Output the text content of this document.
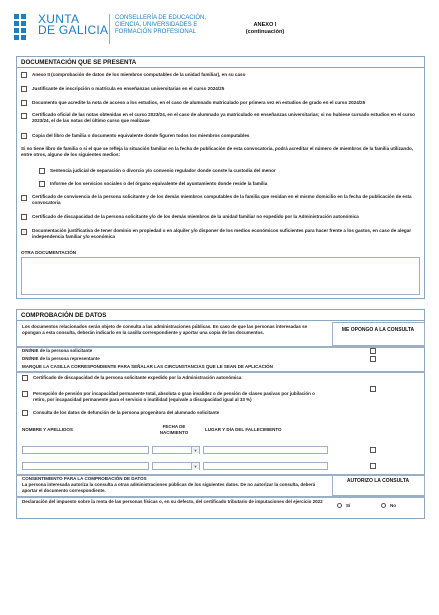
XUNTA
DE GALICIA
CONSELLERÍA DE EDUCACIÓN,
CIENCIA, UNIVERSIDADES E
FORMACIÓN PROFESIONAL
ANEXO I
(continuación)
DOCUMENTACIÓN QUE SE PRESENTA
Anexo II (comprobación de datos de los miembros computables de la unidad familiar), en su caso
Justificante de inscripción o matrícula en enseñanzas universitarias en el curso 2024/25
Documento que acredite la nota de acceso a los estudios, en el caso de alumnado matriculado por primera vez en estudios de grado en el curso 2024/25
Certificado oficial de las notas obtenidas en el curso 2023/24, en el caso de alumnado ya matriculado en enseñanzas universitarias; si no hubiese cursado estudios en el curso 2023/24, el de las notas del último curso que realizase
Copia del libro de familia o documento equivalente donde figuren todos los miembros computables
Si no tiene libro de familia o si el que se refleja la situación familiar en la fecha de publicación de esta convocatoria, podrá acreditar el número de miembros de la familia utilizando, entre otros, alguno de los siguientes medios:
Sentencia judicial de separación o divorcio y/o convenio regulador donde conste la custodia del menor
Informe de los servicios sociales o del órgano equivalente del ayuntamiento donde reside la familia
Certificado de convivencia de la persona solicitante y de los demás miembros computables de la familia que residan en el mismo domicilio en la fecha de publicación de esta convocatoria
Certificado de discapacidad de la persona solicitante y/o de los demás miembros de la unidad familiar no expedido por la Administración autonómica
Documentación justificativa de tener dominio en propiedad o en alquiler y/o disponer de los medios económicos suficientes para hacer frente a los gastos, en caso de alegar independencia familiar y/o económica
OTRA DOCUMENTACIÓN
COMPROBACIÓN DE DATOS
Los documentos relacionados serán objeto de consulta a las administraciones públicas. En caso de que las personas interesadas se opongan a esta consulta, deberán indicarlo en la casilla correspondiente y aportar una copia de los documentos.	ME OPONGO A LA CONSULTA
DNI/NIE de la persona solicitante
DNI/NIE de la persona representante
MARQUE LA CASILLA CORRESPONDIENTE PARA SEÑALAR LAS CIRCUNSTANCIAS QUE LE SEAN DE APLICACIÓN
Certificado de discapacidad de la persona solicitante expedido por la Administración autonómica
Percepción de pensión por incapacidad permanente total, absoluta o gran invalidez o de pensión de clases pasivas por jubilación o retiro, por incapacidad permanente para el servicio o inutilidad (equivale a discapacidad igual al 33 %)
Consulta de los datos de defunción de la persona progenitora del alumnado solicitante
NOMBRE Y APELLIDOS
FECHA DE NACIMIENTO
LUGAR Y DÍA DEL FALLECIMIENTO
▼
▼
CONSENTIMIENTO PARA LA COMPROBACIÓN DE DATOS
La persona interesada autoriza la consulta a otras administraciones públicas de los siguientes datos. De no autorizar la consulta, deberá aportar el documento correspondiente.
AUTORIZO LA CONSULTA
Declaración del impuesto sobre la renta de las personas físicas o, en su defecto, del certificado tributario de imputaciones del ejercicio 2022
Sí	No
